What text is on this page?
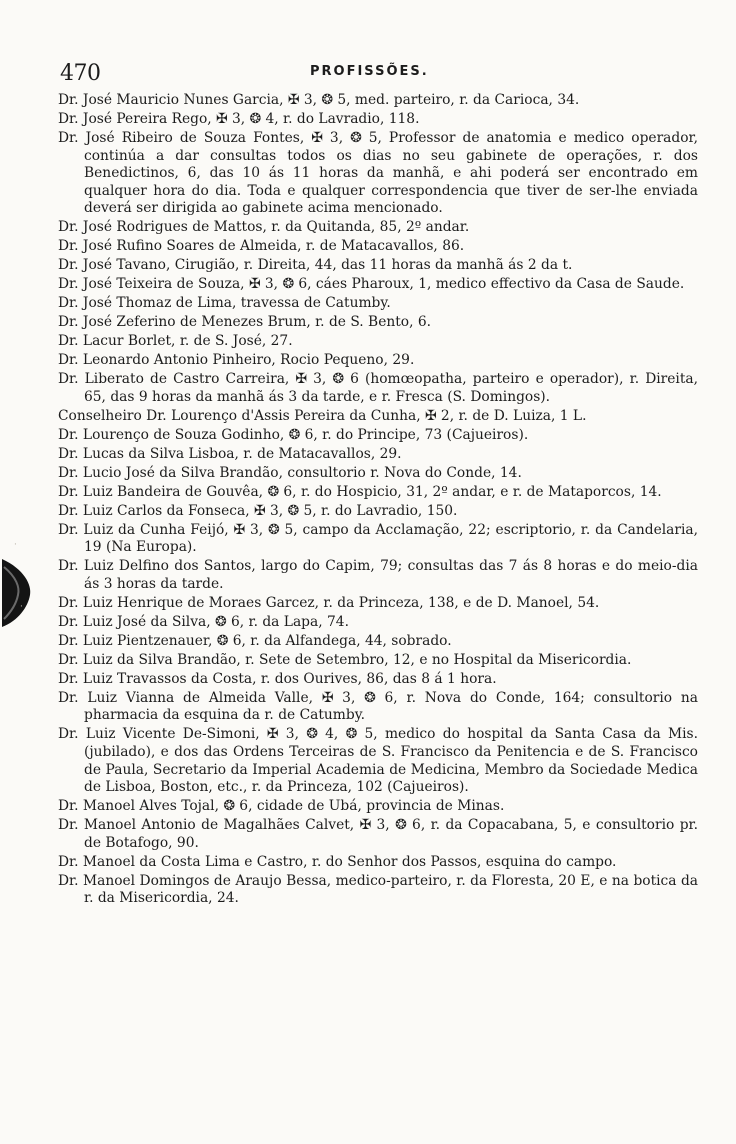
470	PROFISSÕES.

Dr. José Mauricio Nunes Garcia, ✠ 3, ❂ 5, med. parteiro, r. da Carioca, 34.

Dr. José Pereira Rego, ✠ 3, ❂ 4, r. do Lavradio, 118.

Dr. José Ribeiro de Souza Fontes, ✠ 3, ❂ 5, Professor de anatomia e medico operador, continúa a dar consultas todos os dias no seu gabinete de operações, r. dos Benedictinos, 6, das 10 ás 11 horas da manhã, e ahi poderá ser encontrado em qualquer hora do dia. Toda e qualquer correspondencia que tiver de ser-lhe enviada deverá ser dirigida ao gabinete acima mencionado.

Dr. José Rodrigues de Mattos, r. da Quitanda, 85, 2º andar.

Dr. José Rufino Soares de Almeida, r. de Matacavallos, 86.

Dr. José Tavano, Cirugião, r. Direita, 44, das 11 horas da manhã ás 2 da t.

Dr. José Teixeira de Souza, ✠ 3, ❂ 6, cáes Pharoux, 1, medico effectivo da Casa de Saude.

Dr. José Thomaz de Lima, travessa de Catumby.

Dr. José Zeferino de Menezes Brum, r. de S. Bento, 6.

Dr. Lacur Borlet, r. de S. José, 27.

Dr. Leonardo Antonio Pinheiro, Rocio Pequeno, 29.

Dr. Liberato de Castro Carreira, ✠ 3, ❂ 6 (homœopatha, parteiro e operador), r. Direita, 65, das 9 horas da manhã ás 3 da tarde, e r. Fresca (S. Domingos).

Conselheiro Dr. Lourenço d'Assis Pereira da Cunha, ✠ 2, r. de D. Luiza, 1 L.

Dr. Lourenço de Souza Godinho, ❂ 6, r. do Principe, 73 (Cajueiros).

Dr. Lucas da Silva Lisboa, r. de Matacavallos, 29.

Dr. Lucio José da Silva Brandão, consultorio r. Nova do Conde, 14.

Dr. Luiz Bandeira de Gouvêa, ❂ 6, r. do Hospicio, 31, 2º andar, e r. de Mataporcos, 14.

Dr. Luiz Carlos da Fonseca, ✠ 3, ❂ 5, r. do Lavradio, 150.

Dr. Luiz da Cunha Feijó, ✠ 3, ❂ 5, campo da Acclamação, 22; escriptorio, r. da Candelaria, 19 (Na Europa).

Dr. Luiz Delfino dos Santos, largo do Capim, 79; consultas das 7 ás 8 horas e do meio-dia ás 3 horas da tarde.

Dr. Luiz Henrique de Moraes Garcez, r. da Princeza, 138, e de D. Manoel, 54.

Dr. Luiz José da Silva, ❂ 6, r. da Lapa, 74.

Dr. Luiz Pientzenauer, ❂ 6, r. da Alfandega, 44, sobrado.

Dr. Luiz da Silva Brandão, r. Sete de Setembro, 12, e no Hospital da Misericordia.

Dr. Luiz Travassos da Costa, r. dos Ourives, 86, das 8 á 1 hora.

Dr. Luiz Vianna de Almeida Valle, ✠ 3, ❂ 6, r. Nova do Conde, 164; consultorio na pharmacia da esquina da r. de Catumby.

Dr. Luiz Vicente De-Simoni, ✠ 3, ❂ 4, ❂ 5, medico do hospital da Santa Casa da Mis. (jubilado), e dos das Ordens Terceiras de S. Francisco da Penitencia e de S. Francisco de Paula, Secretario da Imperial Academia de Medicina, Membro da Sociedade Medica de Lisboa, Boston, etc., r. da Princeza, 102 (Cajueiros).

Dr. Manoel Alves Tojal, ❂ 6, cidade de Ubá, provincia de Minas.

Dr. Manoel Antonio de Magalhães Calvet, ✠ 3, ❂ 6, r. da Copacabana, 5, e consultorio pr. de Botafogo, 90.

Dr. Manoel da Costa Lima e Castro, r. do Senhor dos Passos, esquina do campo.

Dr. Manoel Domingos de Araujo Bessa, medico-parteiro, r. da Floresta, 20 E, e na botica da r. da Misericordia, 24.

·
·
